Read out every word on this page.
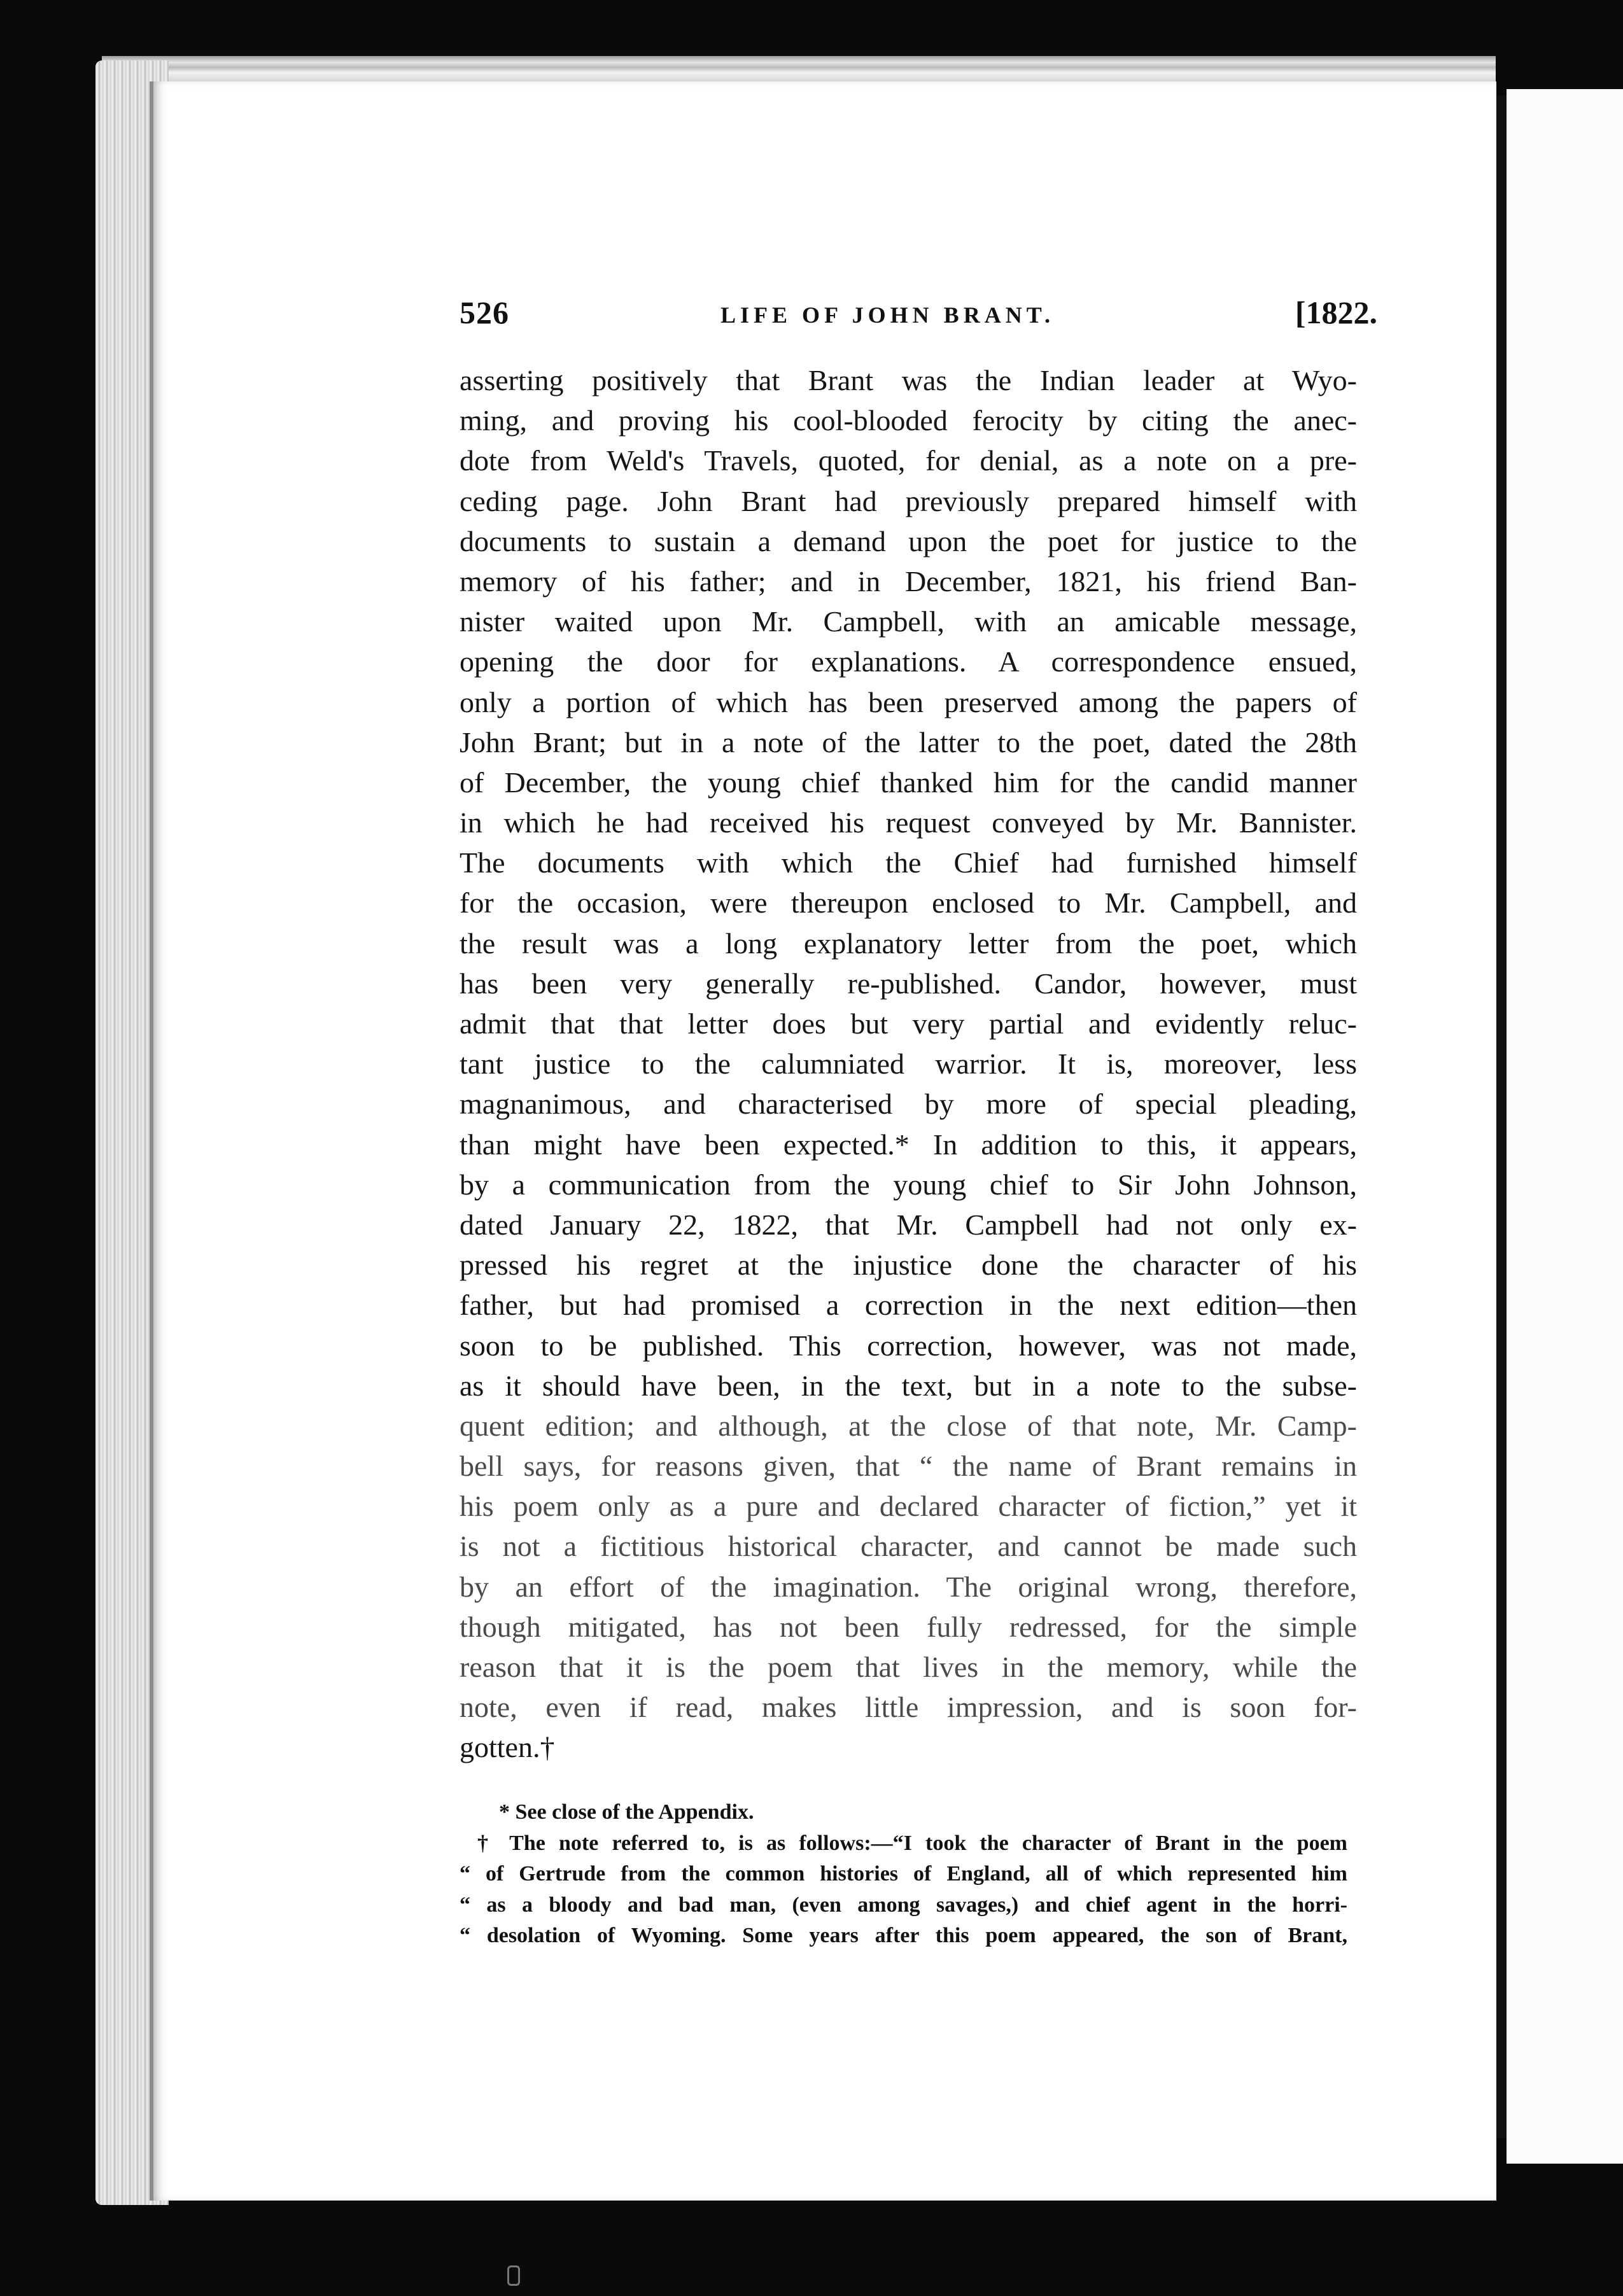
526	LIFE OF JOHN BRANT.	[1822.
asserting positively that Brant was the Indian leader at Wyo-
ming, and proving his cool-blooded ferocity by citing the anec-
dote from Weld's Travels, quoted, for denial, as a note on a pre-
ceding page. John Brant had previously prepared himself with
documents to sustain a demand upon the poet for justice to the
memory of his father; and in December, 1821, his friend Ban-
nister waited upon Mr. Campbell, with an amicable message,
opening the door for explanations. A correspondence ensued,
only a portion of which has been preserved among the papers of
John Brant; but in a note of the latter to the poet, dated the 28th
of December, the young chief thanked him for the candid manner
in which he had received his request conveyed by Mr. Bannister.
The documents with which the Chief had furnished himself
for the occasion, were thereupon enclosed to Mr. Campbell, and
the result was a long explanatory letter from the poet, which
has been very generally re-published. Candor, however, must
admit that that letter does but very partial and evidently reluc-
tant justice to the calumniated warrior. It is, moreover, less
magnanimous, and characterised by more of special pleading,
than might have been expected.* In addition to this, it appears,
by a communication from the young chief to Sir John Johnson,
dated January 22, 1822, that Mr. Campbell had not only ex-
pressed his regret at the injustice done the character of his
father, but had promised a correction in the next edition—then
soon to be published. This correction, however, was not made,
as it should have been, in the text, but in a note to the subse-
quent edition; and although, at the close of that note, Mr. Camp-
bell says, for reasons given, that “ the name of Brant remains in
his poem only as a pure and declared character of fiction,” yet it
is not a fictitious historical character, and cannot be made such
by an effort of the imagination. The original wrong, therefore,
though mitigated, has not been fully redressed, for the simple
reason that it is the poem that lives in the memory, while the
note, even if read, makes little impression, and is soon for-
gotten.†
* See close of the Appendix.
† The note referred to, is as follows:—“I took the character of Brant in the poem
“ of Gertrude from the common histories of England, all of which represented him
“ as a bloody and bad man, (even among savages,) and chief agent in the horri-
“ desolation of Wyoming. Some years after this poem appeared, the son of Brant,
